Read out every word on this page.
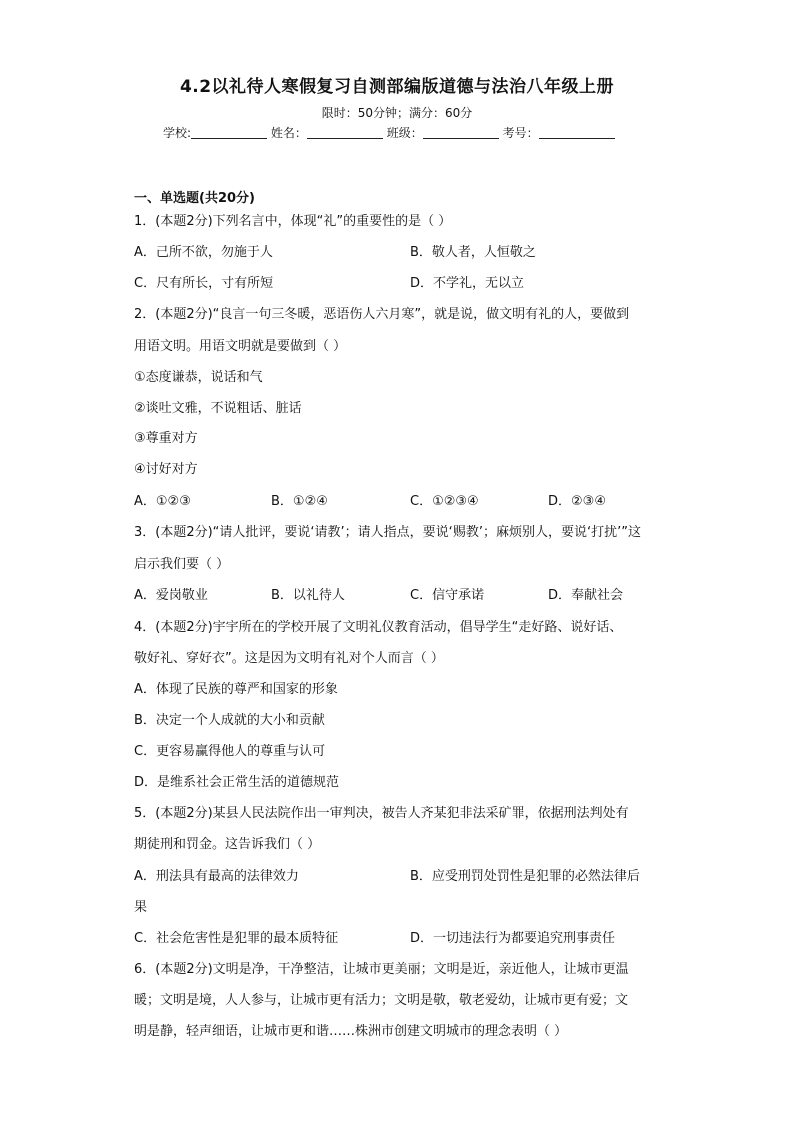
4.2以礼待人寒假复习自测部编版道德与法治八年级上册
限时：50分钟；满分：60分
学校:	姓名：	班级：	考号：
一、单选题(共20分)
1．(本题2分)下列名言中，体现“礼”的重要性的是（ ）
A．己所不欲，勿施于人	B．敬人者，人恒敬之
C．尺有所长，寸有所短	D．不学礼，无以立
2．(本题2分)“良言一句三冬暖，恶语伤人六月寒”，就是说，做文明有礼的人，要做到
用语文明。用语文明就是要做到（ ）
①态度谦恭，说话和气
②谈吐文雅，不说粗话、脏话
③尊重对方
④讨好对方
A．①②③	B．①②④	C．①②③④	D．②③④
3．(本题2分)“请人批评，要说‘请教’；请人指点，要说‘赐教’；麻烦别人，要说‘打扰’”这
启示我们要（ ）
A．爱岗敬业	B．以礼待人	C．信守承诺	D．奉献社会
4．(本题2分)宇宇所在的学校开展了文明礼仪教育活动，倡导学生“走好路、说好话、
敬好礼、穿好衣”。这是因为文明有礼对个人而言（ ）
A．体现了民族的尊严和国家的形象
B．决定一个人成就的大小和贡献
C．更容易赢得他人的尊重与认可
D．是维系社会正常生活的道德规范
5．(本题2分)某县人民法院作出一审判决，被告人齐某犯非法采矿罪，依据刑法判处有
期徒刑和罚金。这告诉我们（ ）
A．刑法具有最高的法律效力	B．应受刑罚处罚性是犯罪的必然法律后
果
C．社会危害性是犯罪的最本质特征	D．一切违法行为都要追究刑事责任
6．(本题2分)文明是净，干净整洁，让城市更美丽；文明是近，亲近他人，让城市更温
暖；文明是境，人人参与，让城市更有活力；文明是敬，敬老爱幼，让城市更有爱；文
明是静，轻声细语，让城市更和谐……株洲市创建文明城市的理念表明（ ）
